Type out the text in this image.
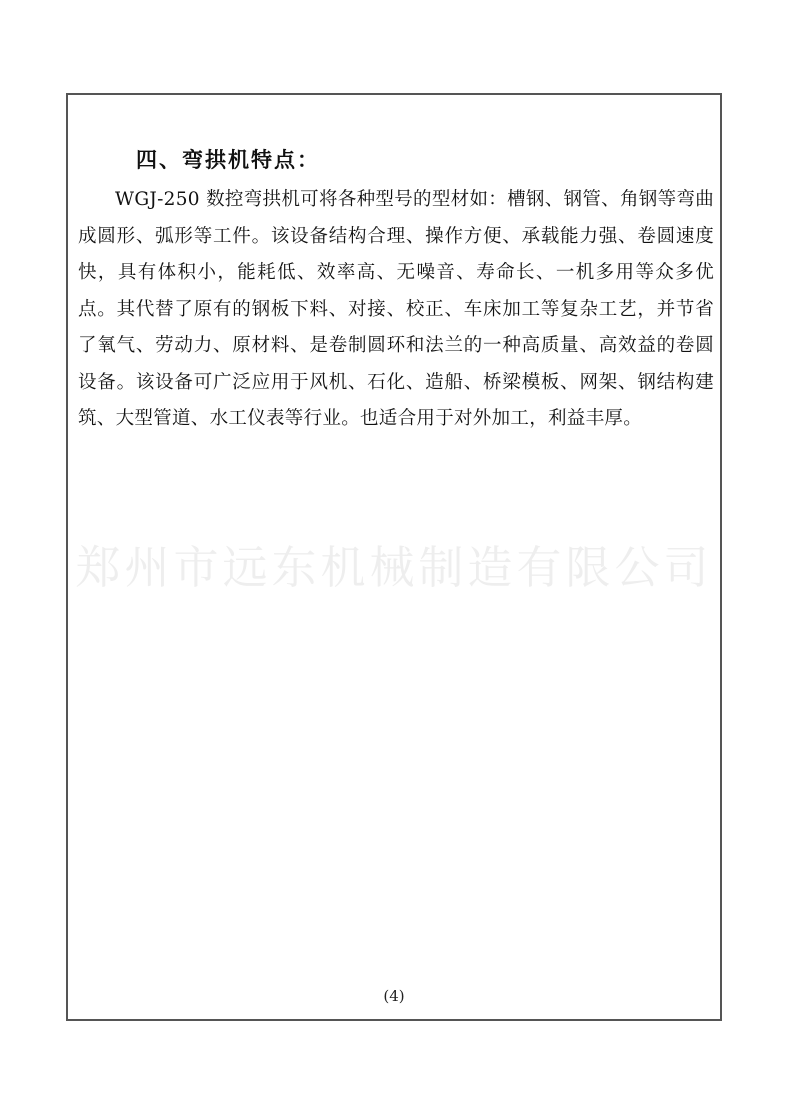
四、弯拱机特点：

WGJ-250 数控弯拱机可将各种型号的型材如：槽钢、钢管、角钢等弯曲成圆形、弧形等工件。该设备结构合理、操作方便、承载能力强、卷圆速度快，具有体积小，能耗低、效率高、无噪音、寿命长、一机多用等众多优点。其代替了原有的钢板下料、对接、校正、车床加工等复杂工艺，并节省了氧气、劳动力、原材料、是卷制圆环和法兰的一种高质量、高效益的卷圆设备。该设备可广泛应用于风机、石化、造船、桥梁模板、网架、钢结构建筑、大型管道、水工仪表等行业。也适合用于对外加工，利益丰厚。

郑州市远东机械制造有限公司
(4)
